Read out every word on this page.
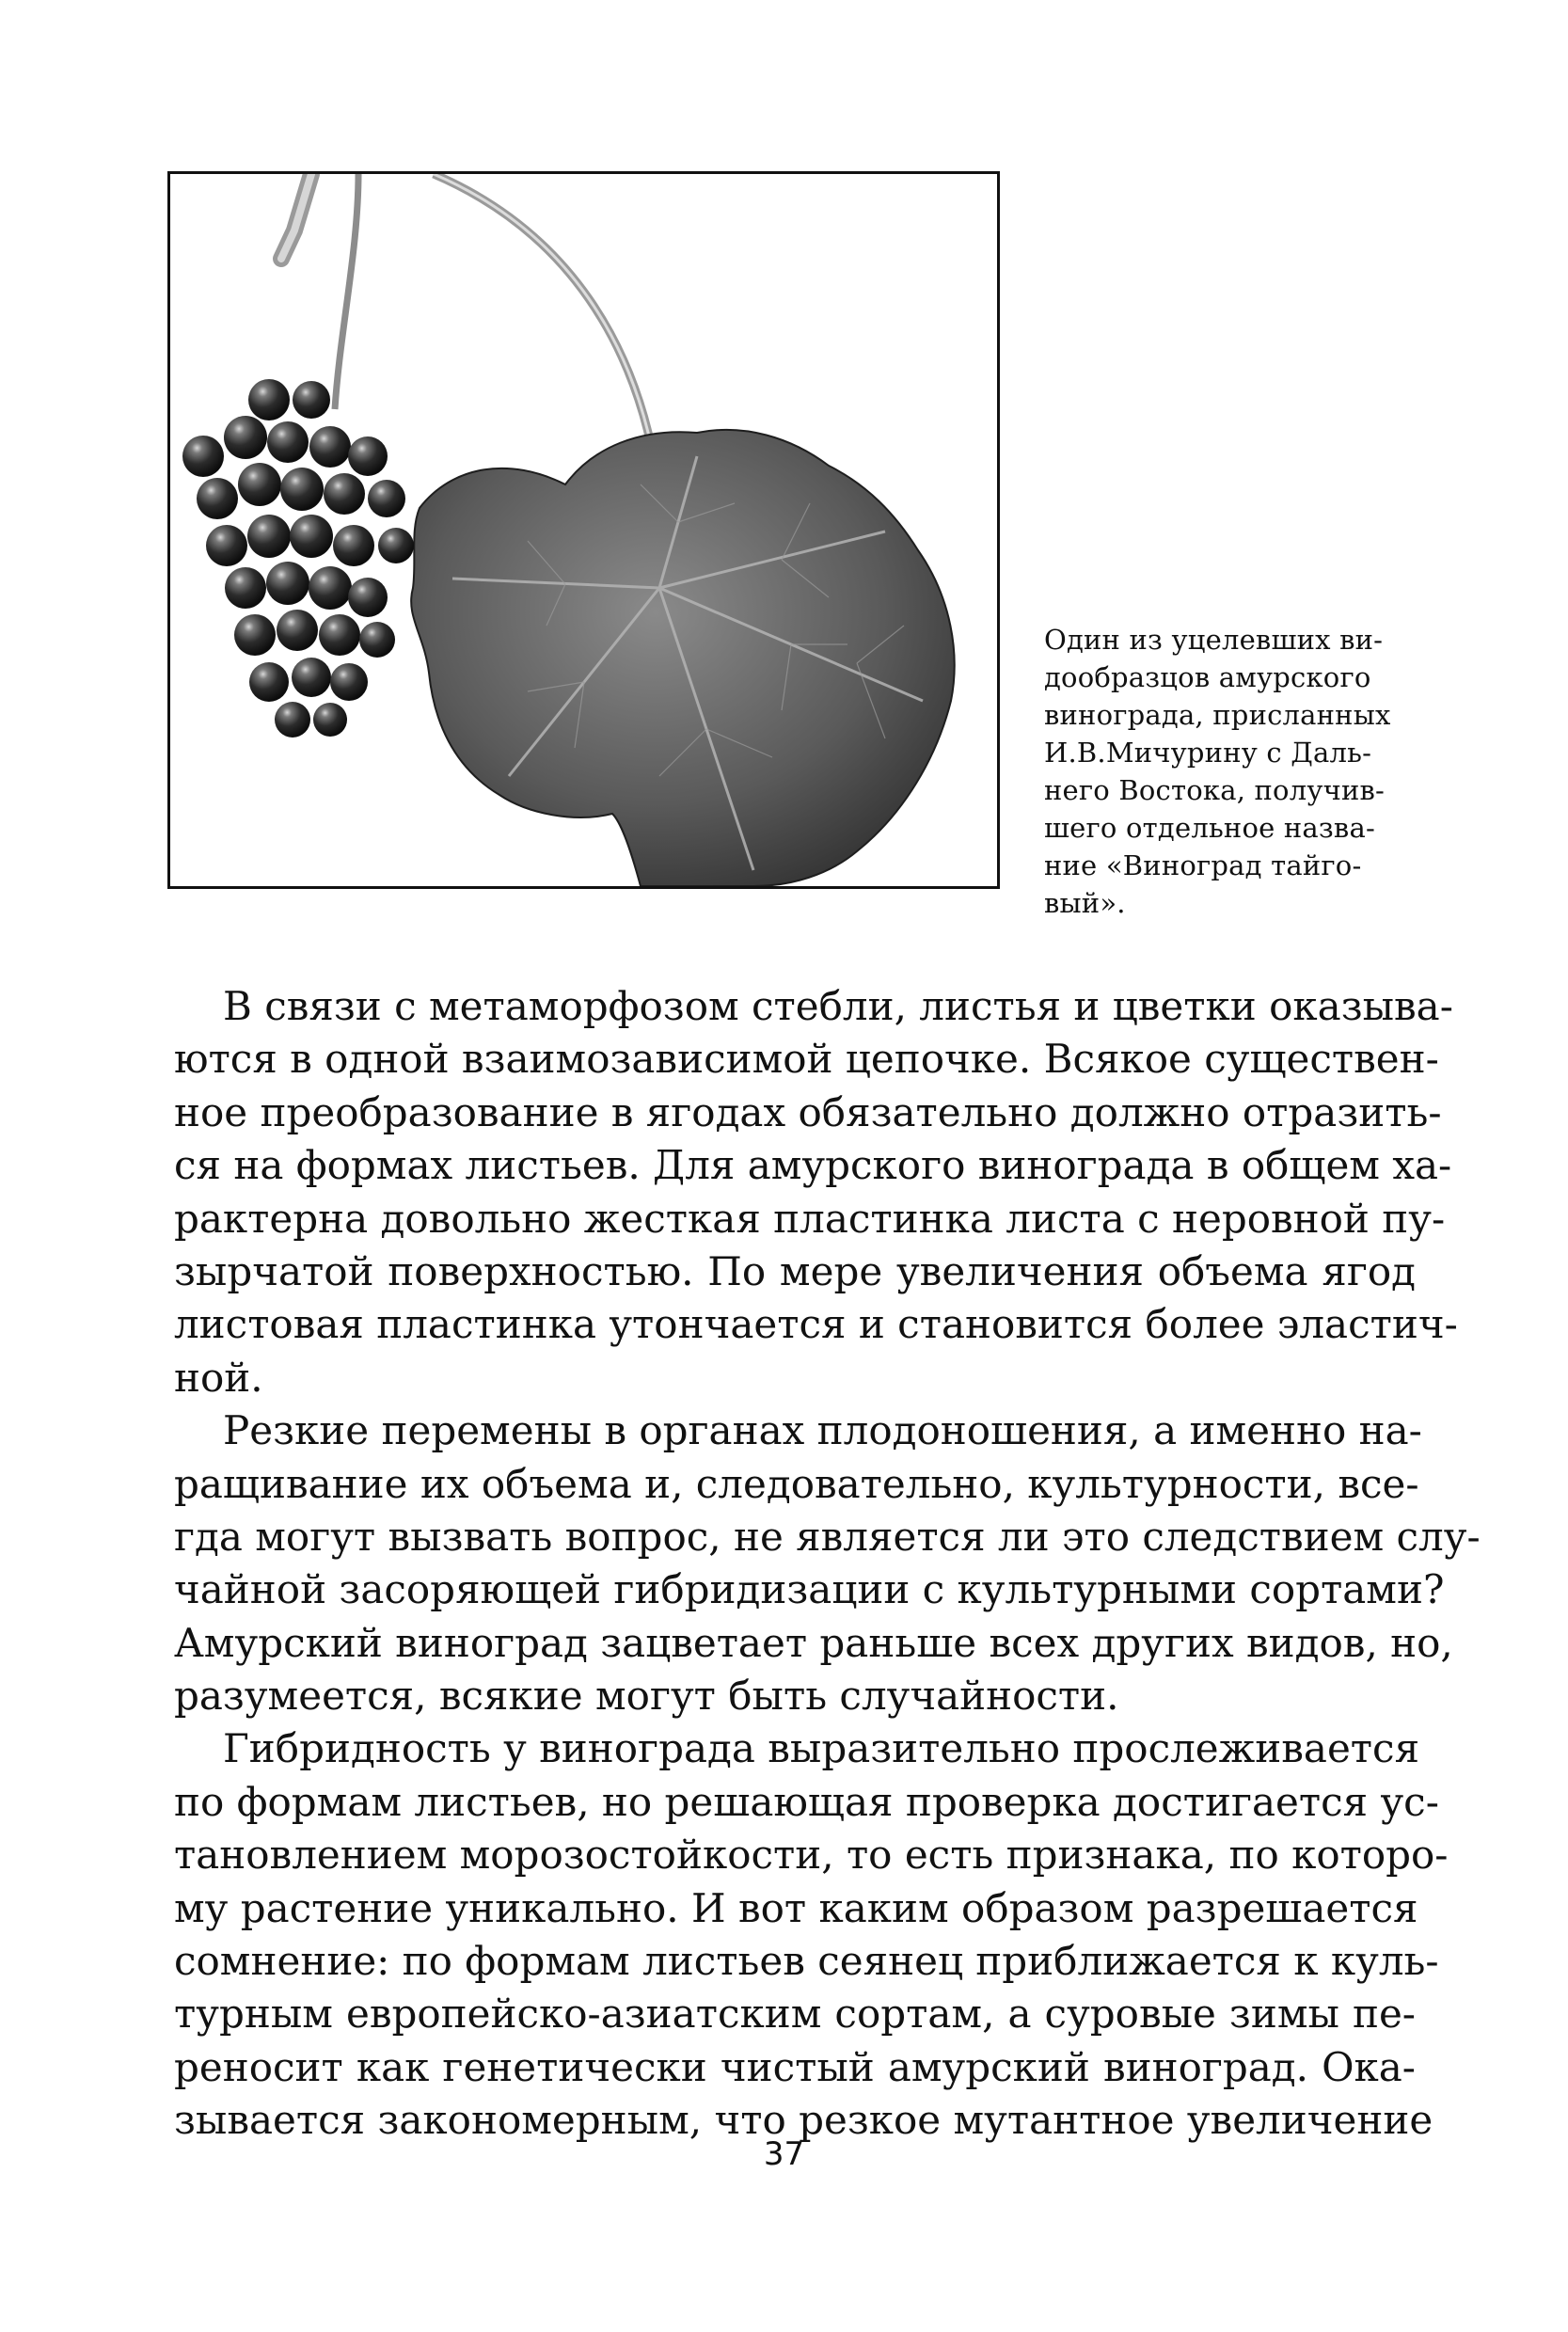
Один из уцелевших ви-
дообразцов амурского
винограда, присланных
И.В.Мичурину с Даль-
него Востока, получив-
шего отдельное назва-
ние «Виноград тайго-
вый».
В связи с метаморфозом стебли, листья и цветки оказыва-
ются в одной взаимозависимой цепочке. Всякое существен-
ное преобразование в ягодах обязательно должно отразить-
ся на формах листьев. Для амурского винограда в общем ха-
рактерна довольно жесткая пластинка листа с неровной пу-
зырчатой поверхностью. По мере увеличения объема ягод
листовая пластинка утончается и становится более эластич-
ной.
Резкие перемены в органах плодоношения, а именно на-
ращивание их объема и, следовательно, культурности, все-
гда могут вызвать вопрос, не является ли это следствием слу-
чайной засоряющей гибридизации с культурными сортами?
Амурский виноград зацветает раньше всех других видов, но,
разумеется, всякие могут быть случайности.
Гибридность у винограда выразительно прослеживается
по формам листьев, но решающая проверка достигается ус-
тановлением морозостойкости, то есть признака, по которо-
му растение уникально. И вот каким образом разрешается
сомнение: по формам листьев сеянец приближается к куль-
турным европейско-азиатским сортам, а суровые зимы пе-
реносит как генетически чистый амурский виноград. Ока-
зывается закономерным, что резкое мутантное увеличение
37
